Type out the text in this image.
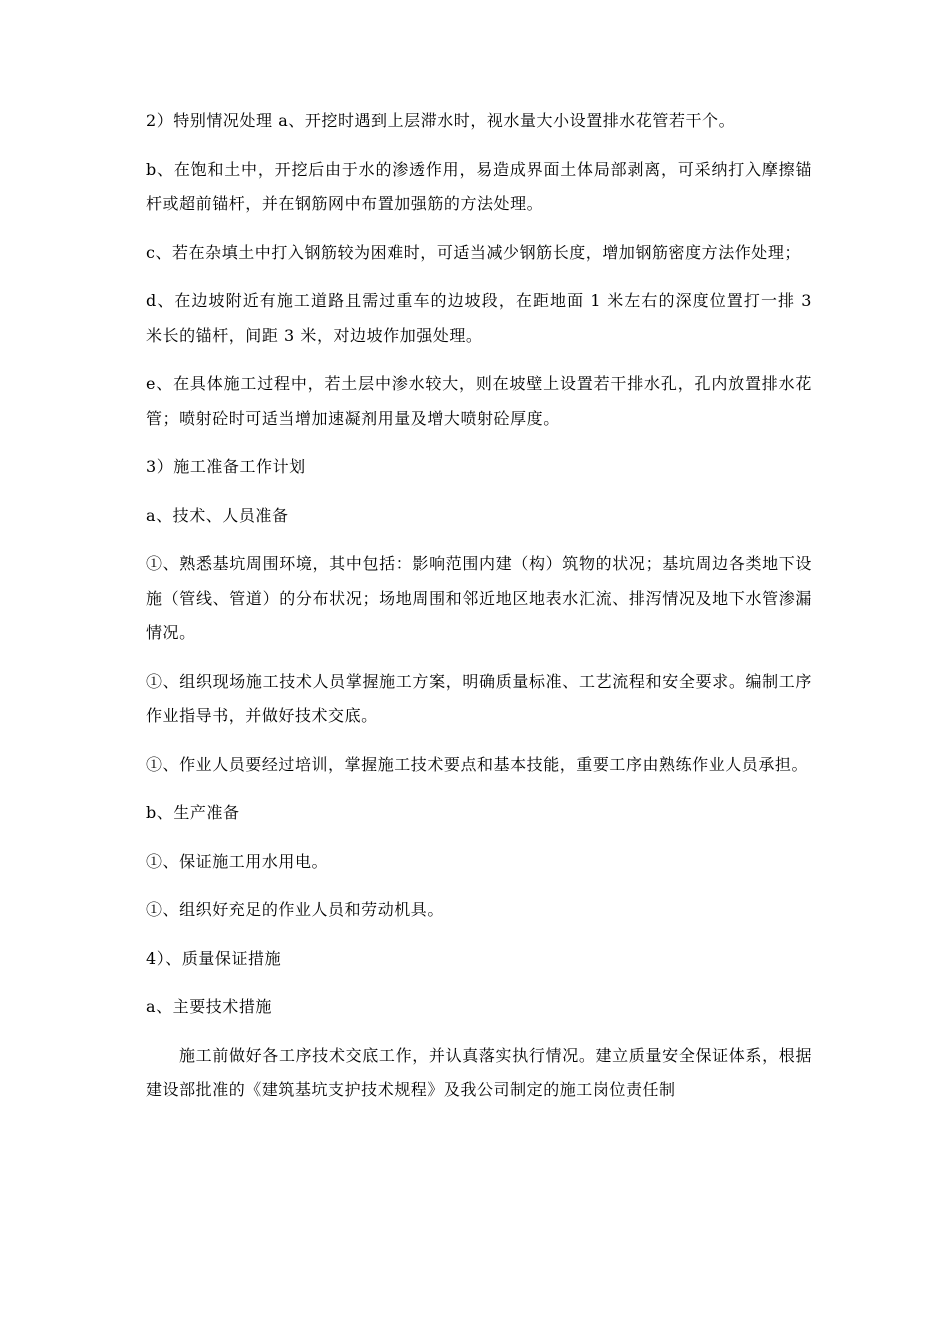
2）特别情况处理 a、开挖时遇到上层滞水时，视水量大小设置排水花管若干个。

b、在饱和土中，开挖后由于水的渗透作用，易造成界面土体局部剥离，可采纳打入摩擦锚杆或超前锚杆，并在钢筋网中布置加强筋的方法处理。

c、若在杂填土中打入钢筋较为困难时，可适当减少钢筋长度，增加钢筋密度方法作处理；

d、在边坡附近有施工道路且需过重车的边坡段，在距地面 1 米左右的深度位置打一排 3 米长的锚杆，间距 3 米，对边坡作加强处理。

e、在具体施工过程中，若土层中渗水较大，则在坡壁上设置若干排水孔，孔内放置排水花管；喷射砼时可适当增加速凝剂用量及增大喷射砼厚度。

3）施工准备工作计划

a、技术、人员准备

①、熟悉基坑周围环境，其中包括：影响范围内建（构）筑物的状况；基坑周边各类地下设施（管线、管道）的分布状况；场地周围和邻近地区地表水汇流、排泻情况及地下水管渗漏情况。

①、组织现场施工技术人员掌握施工方案，明确质量标准、工艺流程和安全要求。编制工序作业指导书，并做好技术交底。

①、作业人员要经过培训，掌握施工技术要点和基本技能，重要工序由熟练作业人员承担。

b、生产准备

①、保证施工用水用电。

①、组织好充足的作业人员和劳动机具。

4）、质量保证措施

a、主要技术措施

施工前做好各工序技术交底工作，并认真落实执行情况。建立质量安全保证体系，根据建设部批准的《建筑基坑支护技术规程》及我公司制定的施工岗位责任制
